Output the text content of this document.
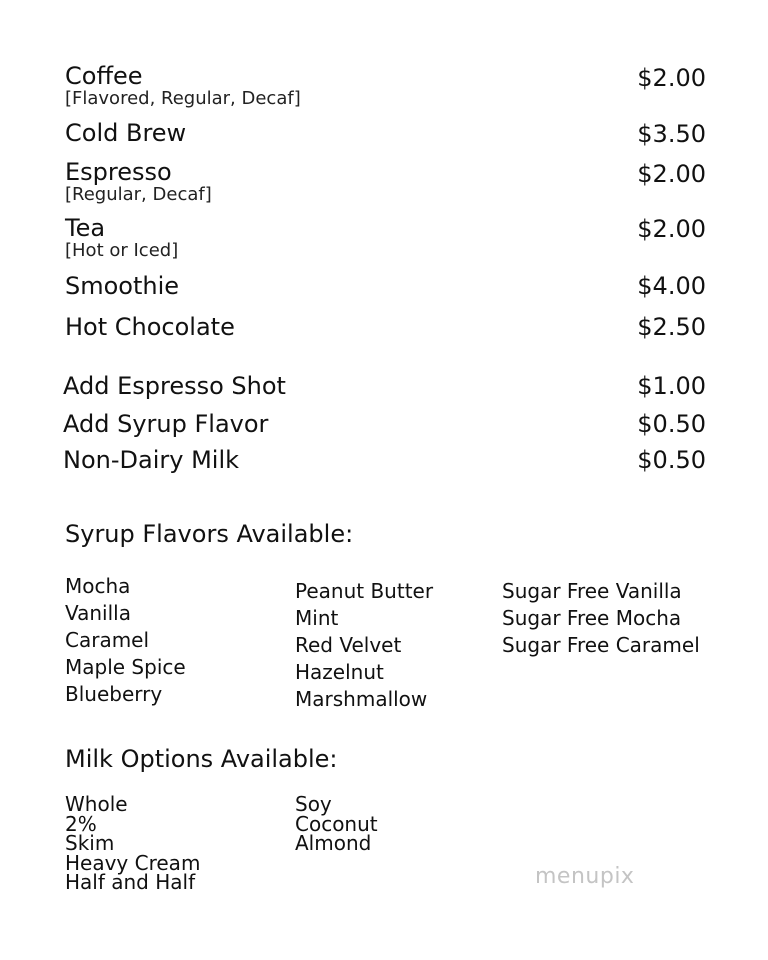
Coffee
[Flavored, Regular, Decaf]
$2.00
Cold Brew	$3.50
Espresso
[Regular, Decaf]
$2.00
Tea
[Hot or Iced]
$2.00
Smoothie	$4.00
Hot Chocolate	$2.50
Add Espresso Shot	$1.00
Add Syrup Flavor	$0.50
Non-Dairy Milk	$0.50
Syrup Flavors Available:
Mocha
Vanilla
Caramel
Maple Spice
Blueberry
Peanut Butter
Mint
Red Velvet
Hazelnut
Marshmallow
Sugar Free Vanilla
Sugar Free Mocha
Sugar Free Caramel
Milk Options Available:
Whole
2%
Skim
Heavy Cream
Half and Half
Soy
Coconut
Almond
menupix
